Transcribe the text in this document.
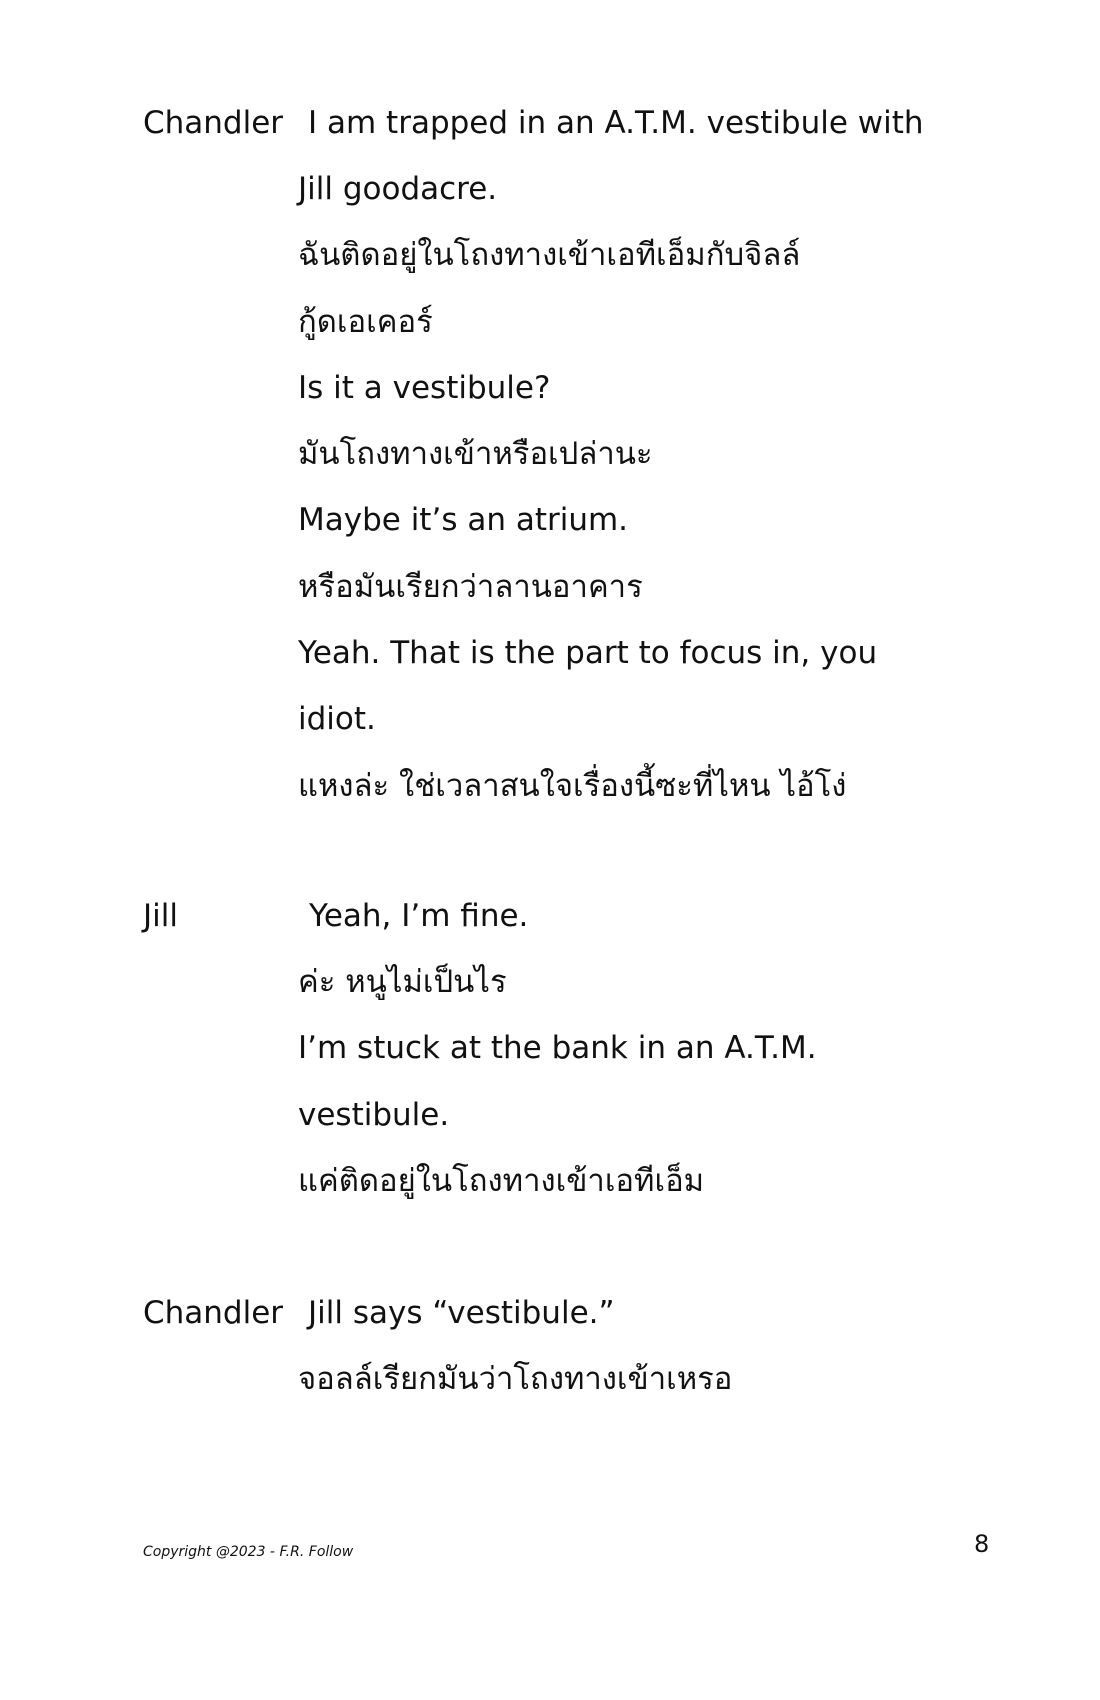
Chandler I am trapped in an A.T.M. vestibule with
Jill goodacre.
ฉันติดอยู่ในโถงทางเข้าเอทีเอ็มกับจิลล์
กู้ดเอเคอร์
Is it a vestibule?
มันโถงทางเข้าหรือเปล่านะ
Maybe it’s an atrium.
หรือมันเรียกว่าลานอาคาร
Yeah. That is the part to focus in, you
idiot.
แหงล่ะ ใช่เวลาสนใจเรื่องนี้ซะที่ไหน ไอ้โง่
Jill	Yeah, I’m fine.
ค่ะ หนูไม่เป็นไร
I’m stuck at the bank in an A.T.M.
vestibule.
แค่ติดอยู่ในโถงทางเข้าเอทีเอ็ม
Chandler Jill says “vestibule.”
จอลล์เรียกมันว่าโถงทางเข้าเหรอ
Copyright @2023 - F.R. Follow	8
